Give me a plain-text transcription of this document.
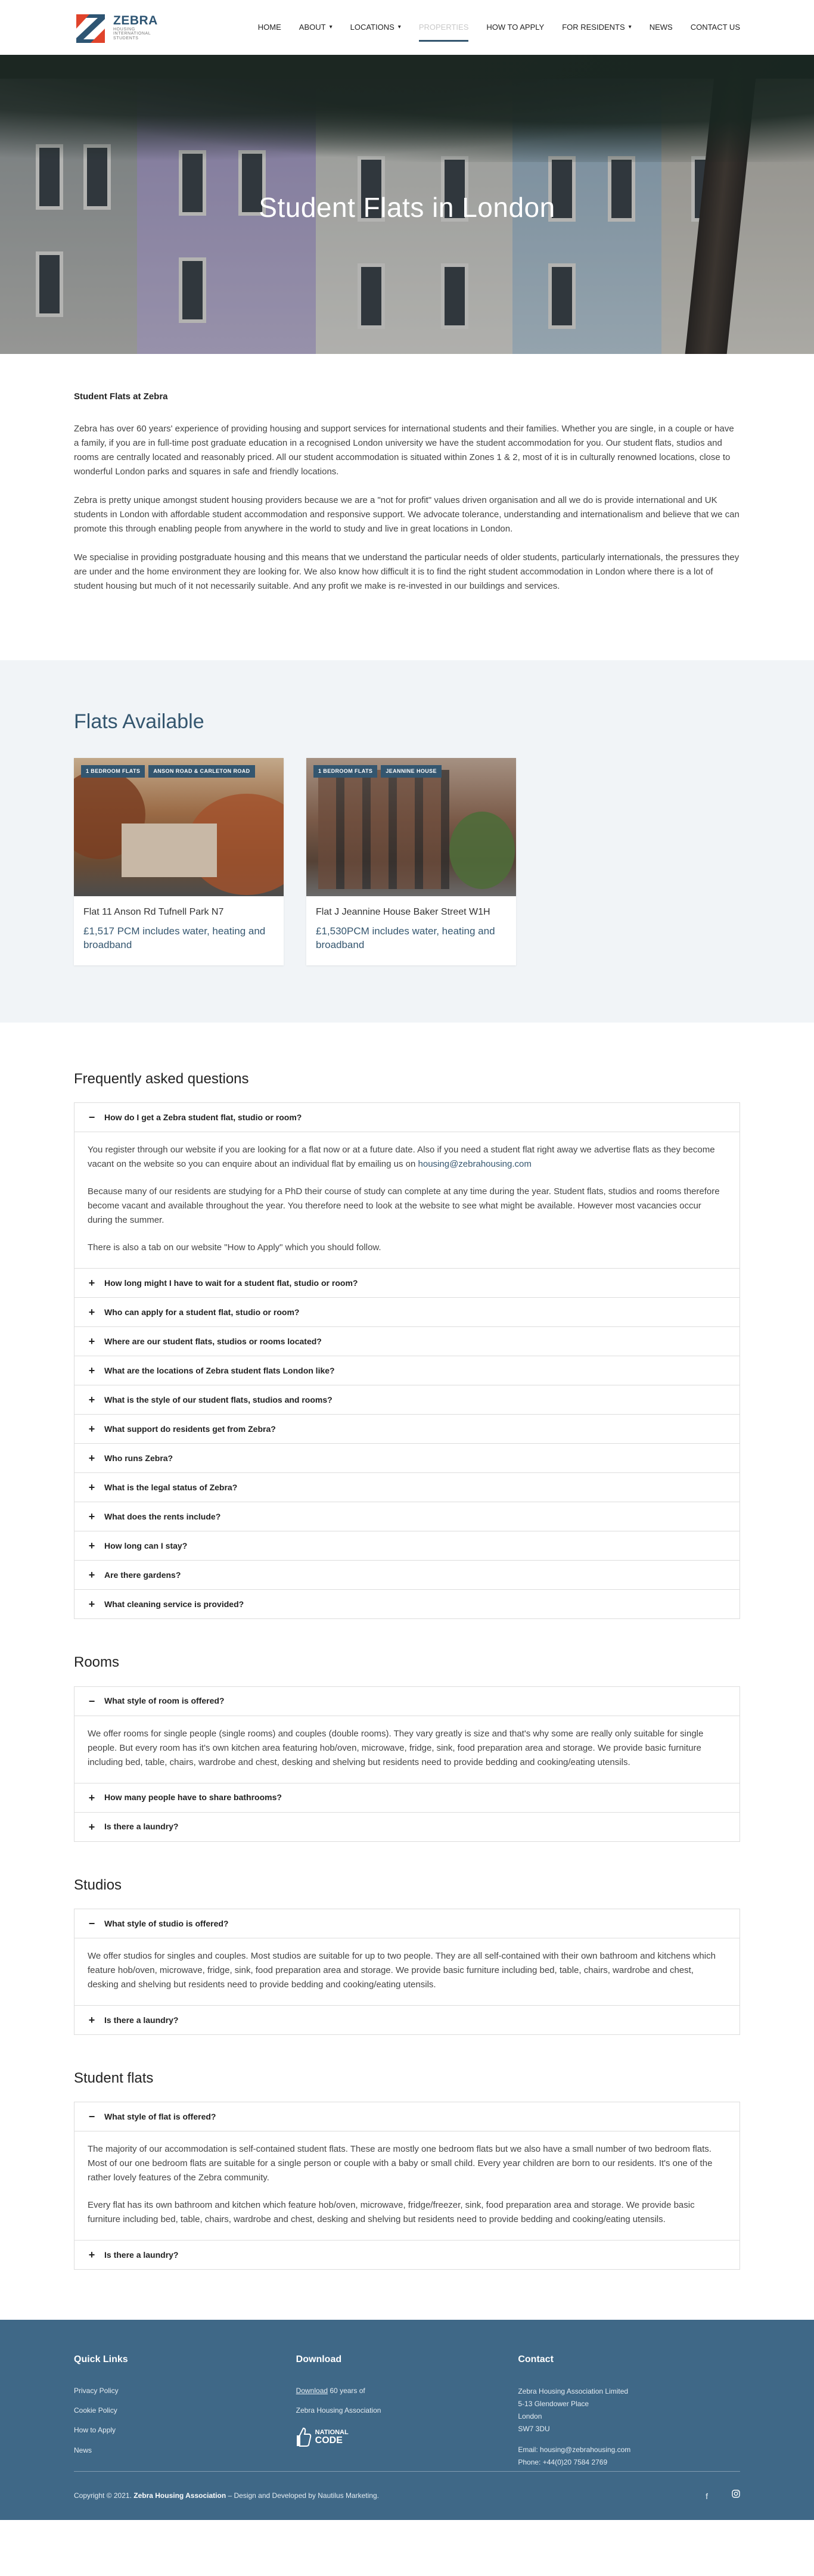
ZEBRA
HOUSING
INTERNATIONAL
STUDENTS
HOME ABOUT ▾ LOCATIONS ▾ PROPERTIES HOW TO APPLY FOR RESIDENTS ▾ NEWS CONTACT US
Student Flats in London
Student Flats at Zebra

Zebra has over 60 years' experience of providing housing and support services for international students and their families. Whether you are single, in a couple or have a family, if you are in full-time post graduate education in a recognised London university we have the student accommodation for you. Our student flats, studios and rooms are centrally located and reasonably priced. All our student accommodation is situated within Zones 1 & 2, most of it is in culturally renowned locations, close to wonderful London parks and squares in safe and friendly locations.

Zebra is pretty unique amongst student housing providers because we are a "not for profit" values driven organisation and all we do is provide international and UK students in London with affordable student accommodation and responsive support. We advocate tolerance, understanding and internationalism and believe that we can promote this through enabling people from anywhere in the world to study and live in great locations in London.

We specialise in providing postgraduate housing and this means that we understand the particular needs of older students, particularly internationals, the pressures they are under and the home environment they are looking for. We also know how difficult it is to find the right student accommodation in London where there is a lot of student housing but much of it not necessarily suitable. And any profit we make is re-invested in our buildings and services.

Flats Available
1 BEDROOM FLATS	ANSON ROAD & CARLETON ROAD
Flat 11 Anson Rd Tufnell Park N7
£1,517 PCM includes water, heating and broadband
1 BEDROOM FLATS	JEANNINE HOUSE
Flat J Jeannine House Baker Street W1H
£1,530PCM includes water, heating and broadband
Frequently asked questions
− How do I get a Zebra student flat, studio or room?

You register through our website if you are looking for a flat now or at a future date. Also if you need a student flat right away we advertise flats as they become vacant on the website so you can enquire about an individual flat by emailing us on housing@zebrahousing.com

Because many of our residents are studying for a PhD their course of study can complete at any time during the year. Student flats, studios and rooms therefore become vacant and available throughout the year. You therefore need to look at the website to see what might be available. However most vacancies occur during the summer.

There is also a tab on our website "How to Apply" which you should follow.

+ How long might I have to wait for a student flat, studio or room?
+ Who can apply for a student flat, studio or room?
+ Where are our student flats, studios or rooms located?
+ What are the locations of Zebra student flats London like?
+ What is the style of our student flats, studios and rooms?
+ What support do residents get from Zebra?
+ Who runs Zebra?
+ What is the legal status of Zebra?
+ What does the rents include?
+ How long can I stay?
+ Are there gardens?
+ What cleaning service is provided?
Rooms
− What style of room is offered?

We offer rooms for single people (single rooms) and couples (double rooms). They vary greatly is size and that's why some are really only suitable for single people. But every room has it's own kitchen area featuring hob/oven, microwave, fridge, sink, food preparation area and storage. We provide basic furniture including bed, table, chairs, wardrobe and chest, desking and shelving but residents need to provide bedding and cooking/eating utensils.

+ How many people have to share bathrooms?
+ Is there a laundry?
Studios
− What style of studio is offered?

We offer studios for singles and couples. Most studios are suitable for up to two people. They are all self-contained with their own bathroom and kitchens which feature hob/oven, microwave, fridge, sink, food preparation area and storage. We provide basic furniture including bed, table, chairs, wardrobe and chest, desking and shelving but residents need to provide bedding and cooking/eating utensils.

+ Is there a laundry?
Student flats
− What style of flat is offered?

The majority of our accommodation is self-contained student flats. These are mostly one bedroom flats but we also have a small number of two bedroom flats. Most of our one bedroom flats are suitable for a single person or couple with a baby or small child. Every year children are born to our residents. It's one of the rather lovely features of the Zebra community.

Every flat has its own bathroom and kitchen which feature hob/oven, microwave, fridge/freezer, sink, food preparation area and storage. We provide basic furniture including bed, table, chairs, wardrobe and chest, desking and shelving but residents need to provide bedding and cooking/eating utensils.

+ Is there a laundry?
Quick Links
Privacy Policy
Cookie Policy
How to Apply
News
Download
Download 60 years of
Zebra Housing Association
NATIONAL
CODE
Contact
Zebra Housing Association Limited
5-13 Glendower Place
London
SW7 3DU
Email: housing@zebrahousing.com
Phone: +44(0)20 7584 2769
Copyright © 2021. Zebra Housing Association – Design and Developed by Nautilus Marketing.	f
